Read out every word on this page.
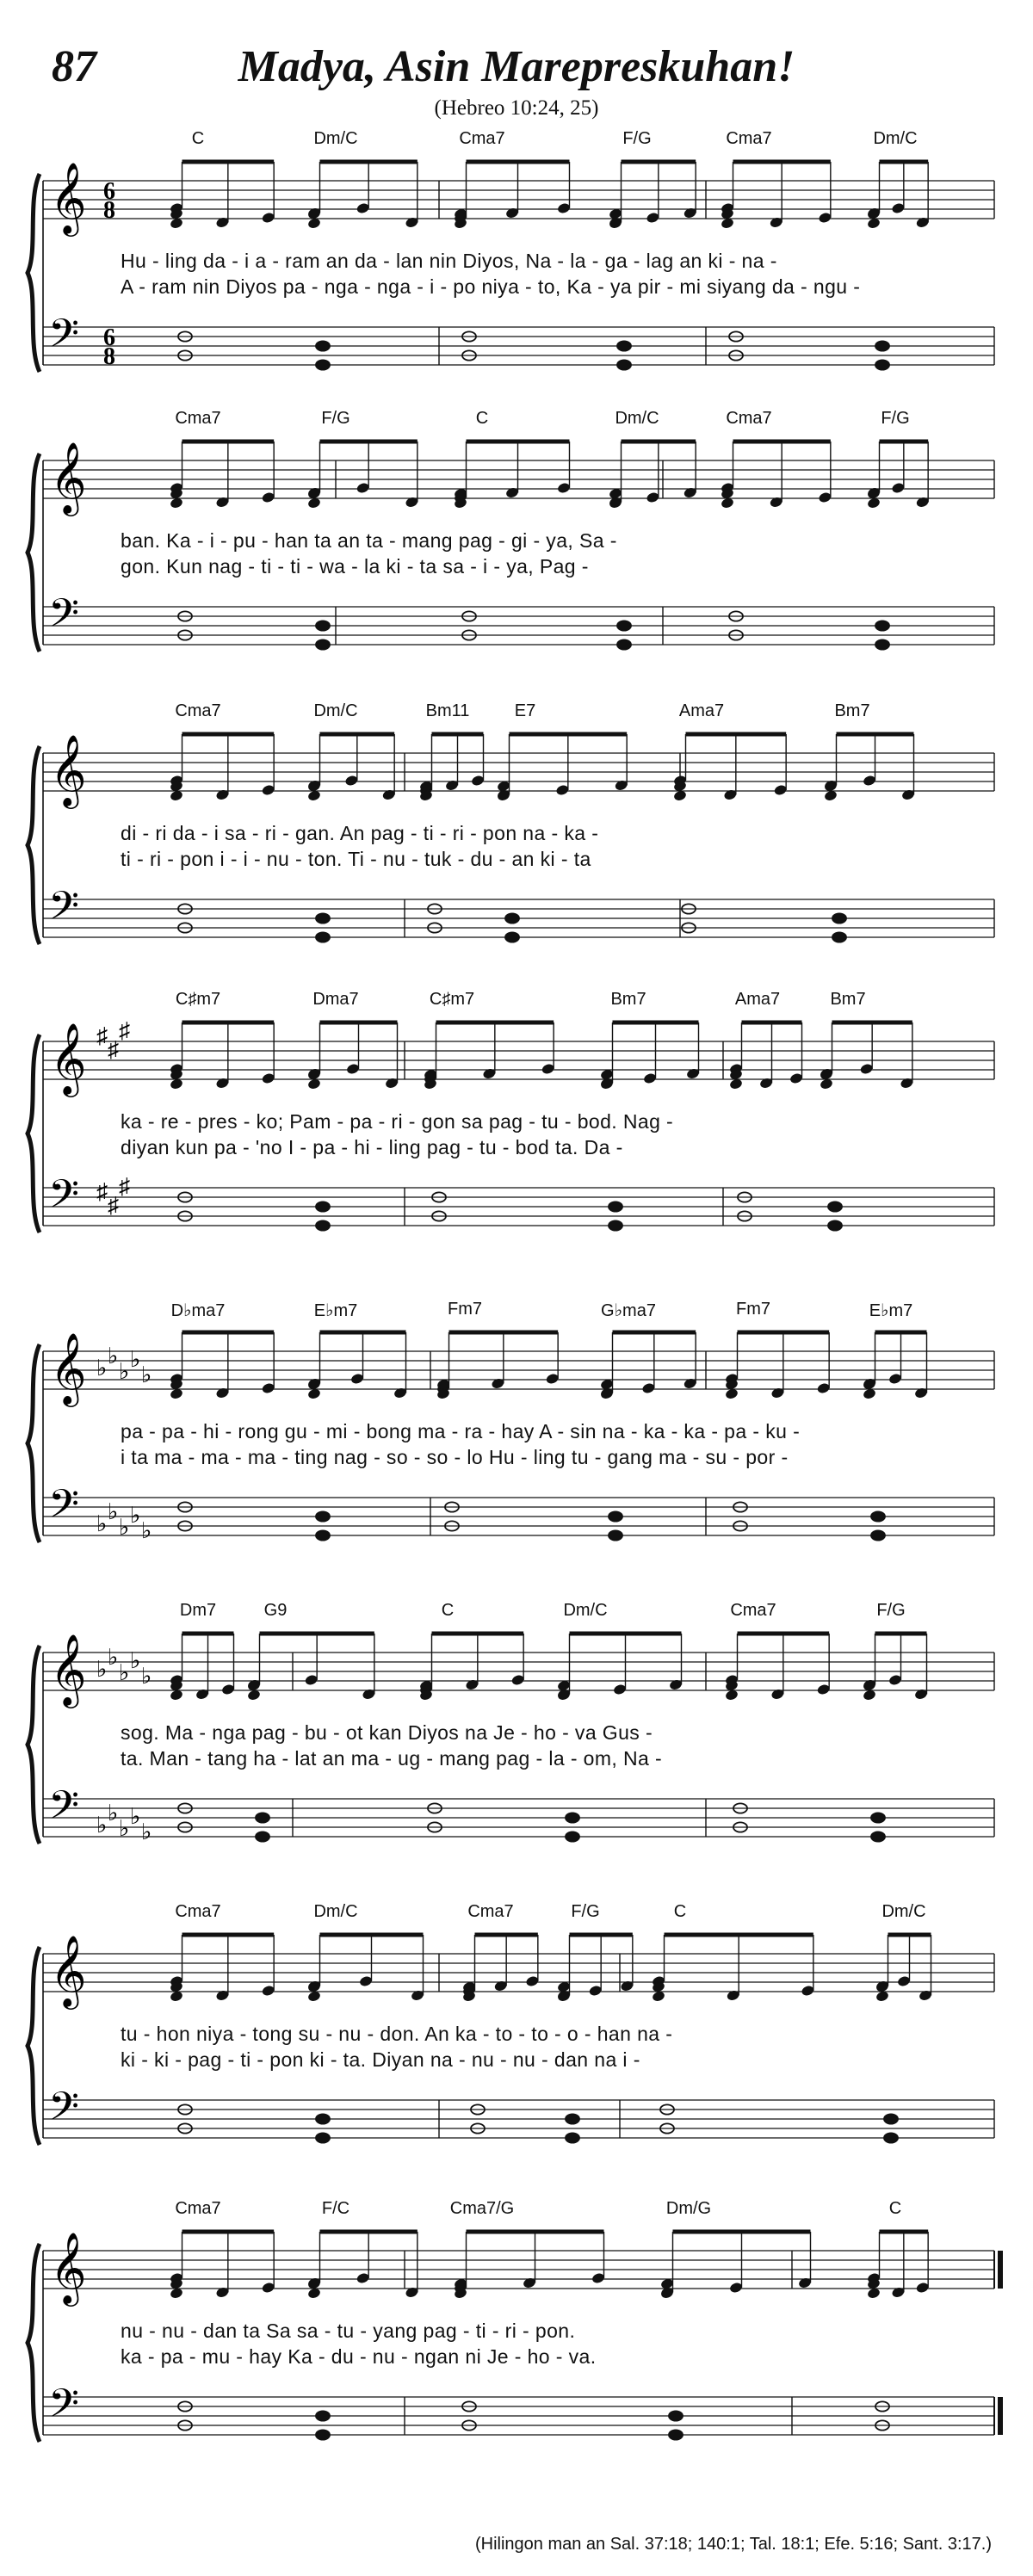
87	Madya, Asin Marepreskuhan!
(Hebreo 10:24, 25)
𝄞
𝄢
6
8
6
8
C	Dm/C	Cma7	F/G	Cma7	Dm/C
Hu - ling da - i a - ram an da - lan nin Diyos, Na - la - ga - lag an ki - na -
A - ram nin Diyos pa - nga - nga - i - po niya - to, Ka - ya pir - mi siyang da - ngu -
𝄞
𝄢
Cma7	F/G	C	Dm/C	Cma7	F/G
ban. Ka - i - pu - han ta an ta - mang pag - gi - ya, Sa -
gon. Kun nag - ti - ti - wa - la ki - ta sa - i - ya, Pag -
𝄞
𝄢
Cma7	Dm/C	Bm11	E7	Ama7	Bm7
di - ri da - i sa - ri - gan. An pag - ti - ri - pon na - ka -
ti - ri - pon i - i - nu - ton. Ti - nu - tuk - du - an ki - ta
𝄞
𝄢
♯
♯
♯
♯
♯
♯
C♯m7	Dma7	C♯m7	Bm7	Ama7	Bm7
ka - re - pres - ko; Pam - pa - ri - gon sa pag - tu - bod. Nag -
diyan kun pa - 'no I - pa - hi - ling pag - tu - bod ta. Da -
𝄞
𝄢
♭
♭
♭
♭
♭
♭
♭
♭
♭
♭
D♭ma7	E♭m7	Fm7	G♭ma7	Fm7	E♭m7
pa - pa - hi - rong gu - mi - bong ma - ra - hay A - sin na - ka - ka - pa - ku -
i ta ma - ma - ma - ting nag - so - so - lo Hu - ling tu - gang ma - su - por -
𝄞
𝄢
♭
♭
♭
♭
♭
♭
♭
♭
♭
♭
Dm7	G9	C	Dm/C	Cma7	F/G
sog. Ma - nga pag - bu - ot kan Diyos na Je - ho - va Gus -
ta. Man - tang ha - lat an ma - ug - mang pag - la - om, Na -
𝄞
𝄢
Cma7	Dm/C	Cma7	F/G	C	Dm/C
tu - hon niya - tong su - nu - don. An ka - to - to - o - han na -
ki - ki - pag - ti - pon ki - ta. Diyan na - nu - nu - dan na i -
𝄞
𝄢
Cma7	F/C	Cma7/G	Dm/G	C
nu - nu - dan ta Sa sa - tu - yang pag - ti - ri - pon.
ka - pa - mu - hay Ka - du - nu - ngan ni Je - ho - va.
(Hilingon man an Sal. 37:18; 140:1; Tal. 18:1; Efe. 5:16; Sant. 3:17.)
